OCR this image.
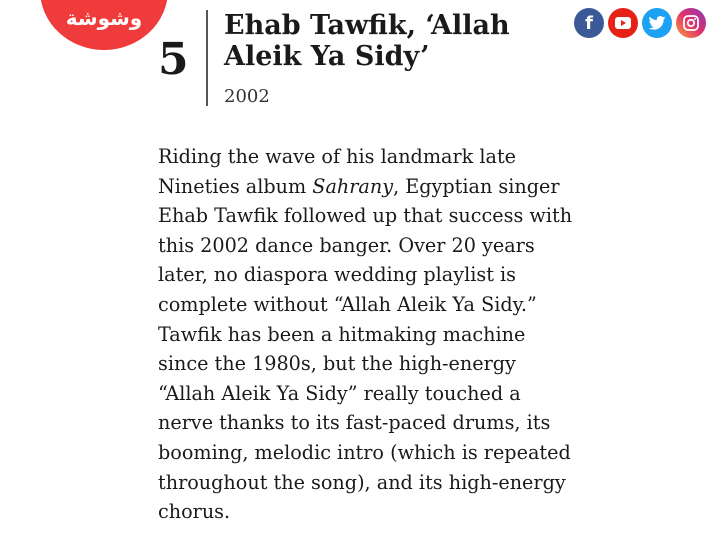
وشوشة	f
5
Ehab Tawfik, ‘Allah Aleik Ya Sidy’
2002

Riding the wave of his landmark late Nineties album Sahrany, Egyptian singer Ehab Tawfik followed up that success with this 2002 dance banger. Over 20 years later, no diaspora wedding playlist is complete without “Allah Aleik Ya Sidy.” Tawfik has been a hitmaking machine since the 1980s, but the high-energy “Allah Aleik Ya Sidy” really touched a nerve thanks to its fast-paced drums, its booming, melodic intro (which is repeated throughout the song), and its high-energy chorus.
